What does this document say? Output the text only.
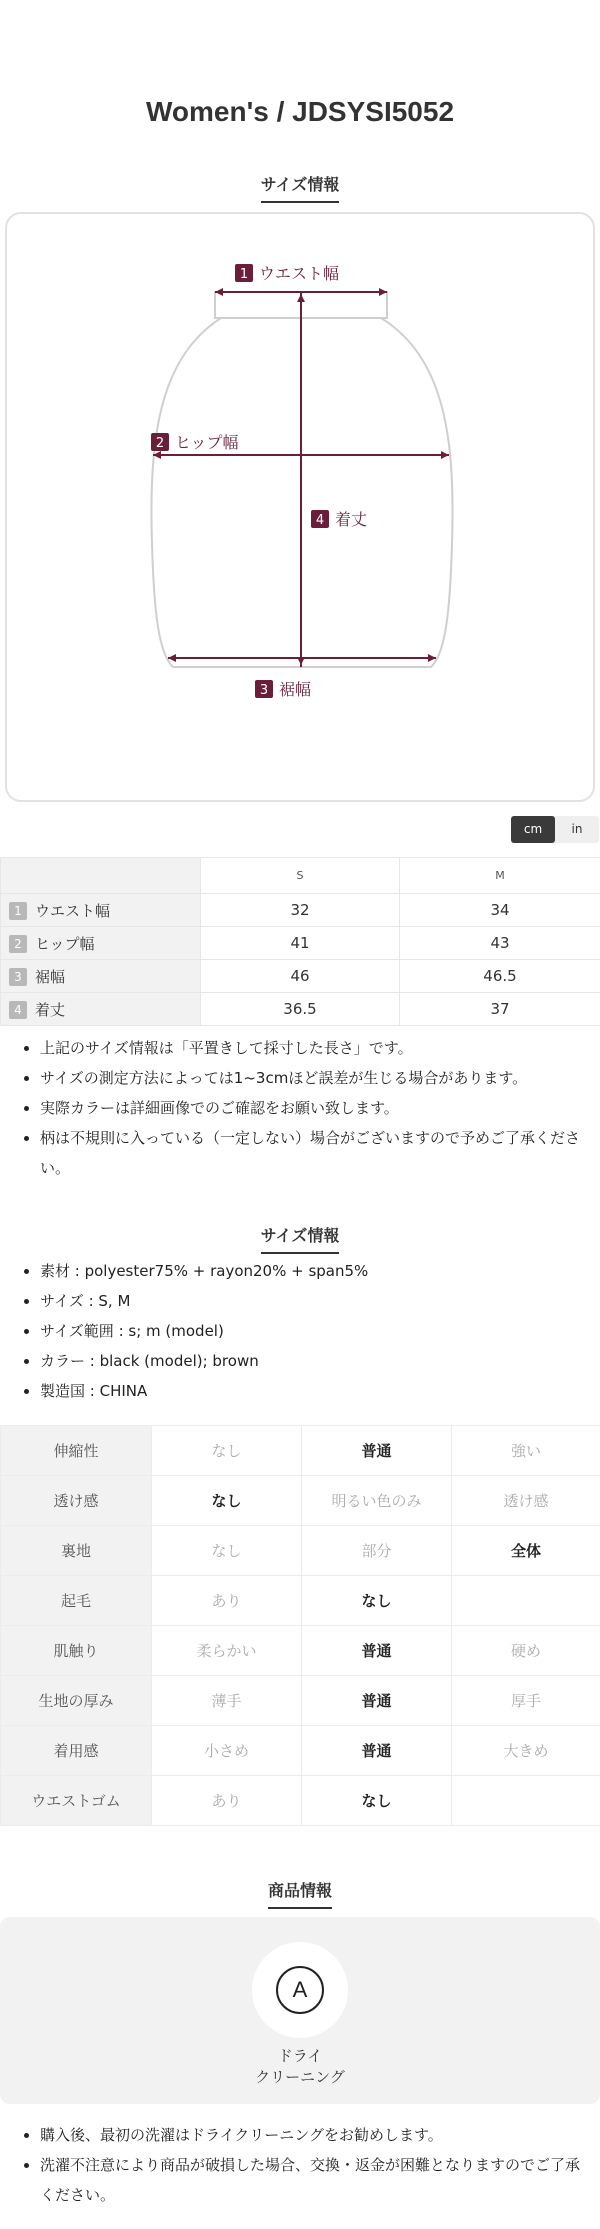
Women's / JDSYSI5052
サイズ情報
1 ウエスト幅
2 ヒップ幅
4 着丈
3 裾幅
cm	in
	S	M
1 ウエスト幅	32	34
2 ヒップ幅	41	43
3 裾幅	46	46.5
4 着丈	36.5	37
上記のサイズ情報は「平置きして採寸した長さ」です。
サイズの測定方法によっては1~3cmほど誤差が生じる場合があります。
実際カラーは詳細画像でのご確認をお願い致します。
柄は不規則に入っている（一定しない）場合がございますので予めご了承ください。
サイズ情報
素材 : polyester75% + rayon20% + span5%
サイズ : S, M
サイズ範囲 : s; m (model)
カラー : black (model); brown
製造国 : CHINA
伸縮性	なし	普通	強い
透け感	なし	明るい色のみ	透け感
裏地	なし	部分	全体
起毛	あり	なし	
肌触り	柔らかい	普通	硬め
生地の厚み	薄手	普通	厚手
着用感	小さめ	普通	大きめ
ウエストゴム	あり	なし	
商品情報
A
ドライ
クリーニング
購入後、最初の洗濯はドライクリーニングをお勧めします。
洗濯不注意により商品が破損した場合、交換・返金が困難となりますのでご了承ください。
